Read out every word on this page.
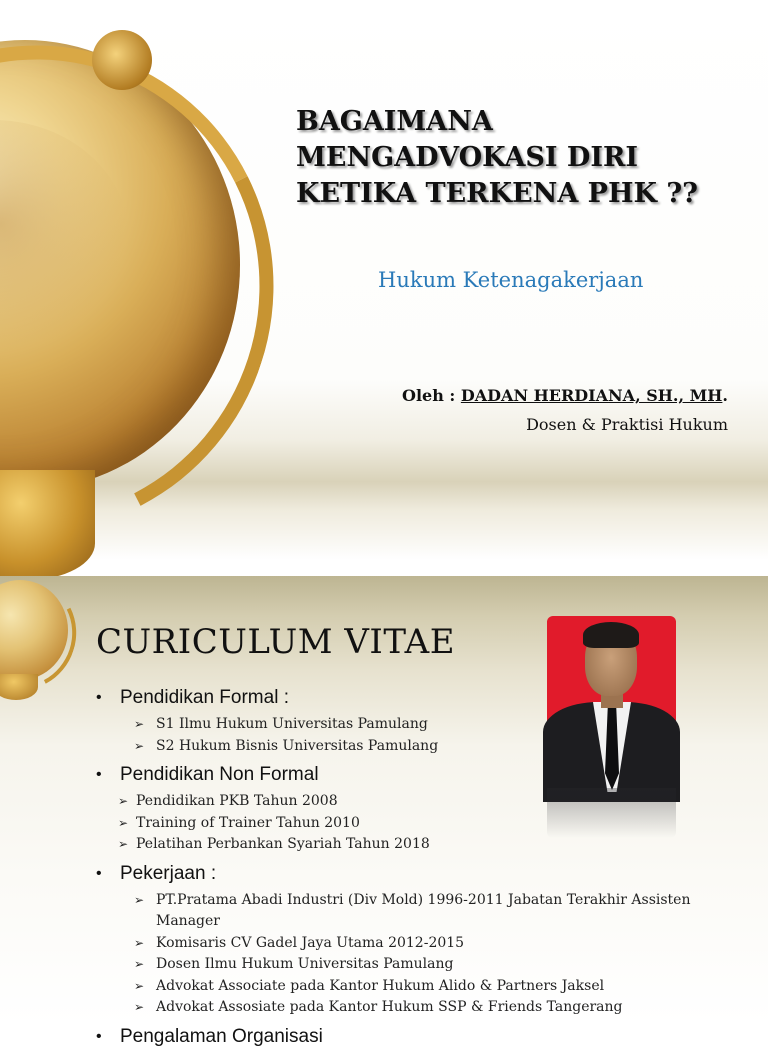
BAGAIMANA MENGADVOKASI DIRI KETIKA TERKENA PHK ??
Hukum Ketenagakerjaan
Oleh : DADAN HERDIANA, SH., MH.
Dosen & Praktisi Hukum
CURICULUM VITAE
• Pendidikan Formal :
➢ S1 Ilmu Hukum Universitas Pamulang
➢ S2 Hukum Bisnis Universitas Pamulang
• Pendidikan Non Formal
➢ Pendidikan PKB Tahun 2008
➢ Training of Trainer Tahun 2010
➢ Pelatihan Perbankan Syariah Tahun 2018
• Pekerjaan :
➢ PT.Pratama Abadi Industri (Div Mold) 1996-2011 Jabatan Terakhir Assisten Manager
➢ Komisaris CV Gadel Jaya Utama 2012-2015
➢ Dosen Ilmu Hukum Universitas Pamulang
➢ Advokat Associate pada Kantor Hukum Alido & Partners Jaksel
➢ Advokat Assosiate pada Kantor Hukum SSP & Friends Tangerang
• Pengalaman Organisasi
